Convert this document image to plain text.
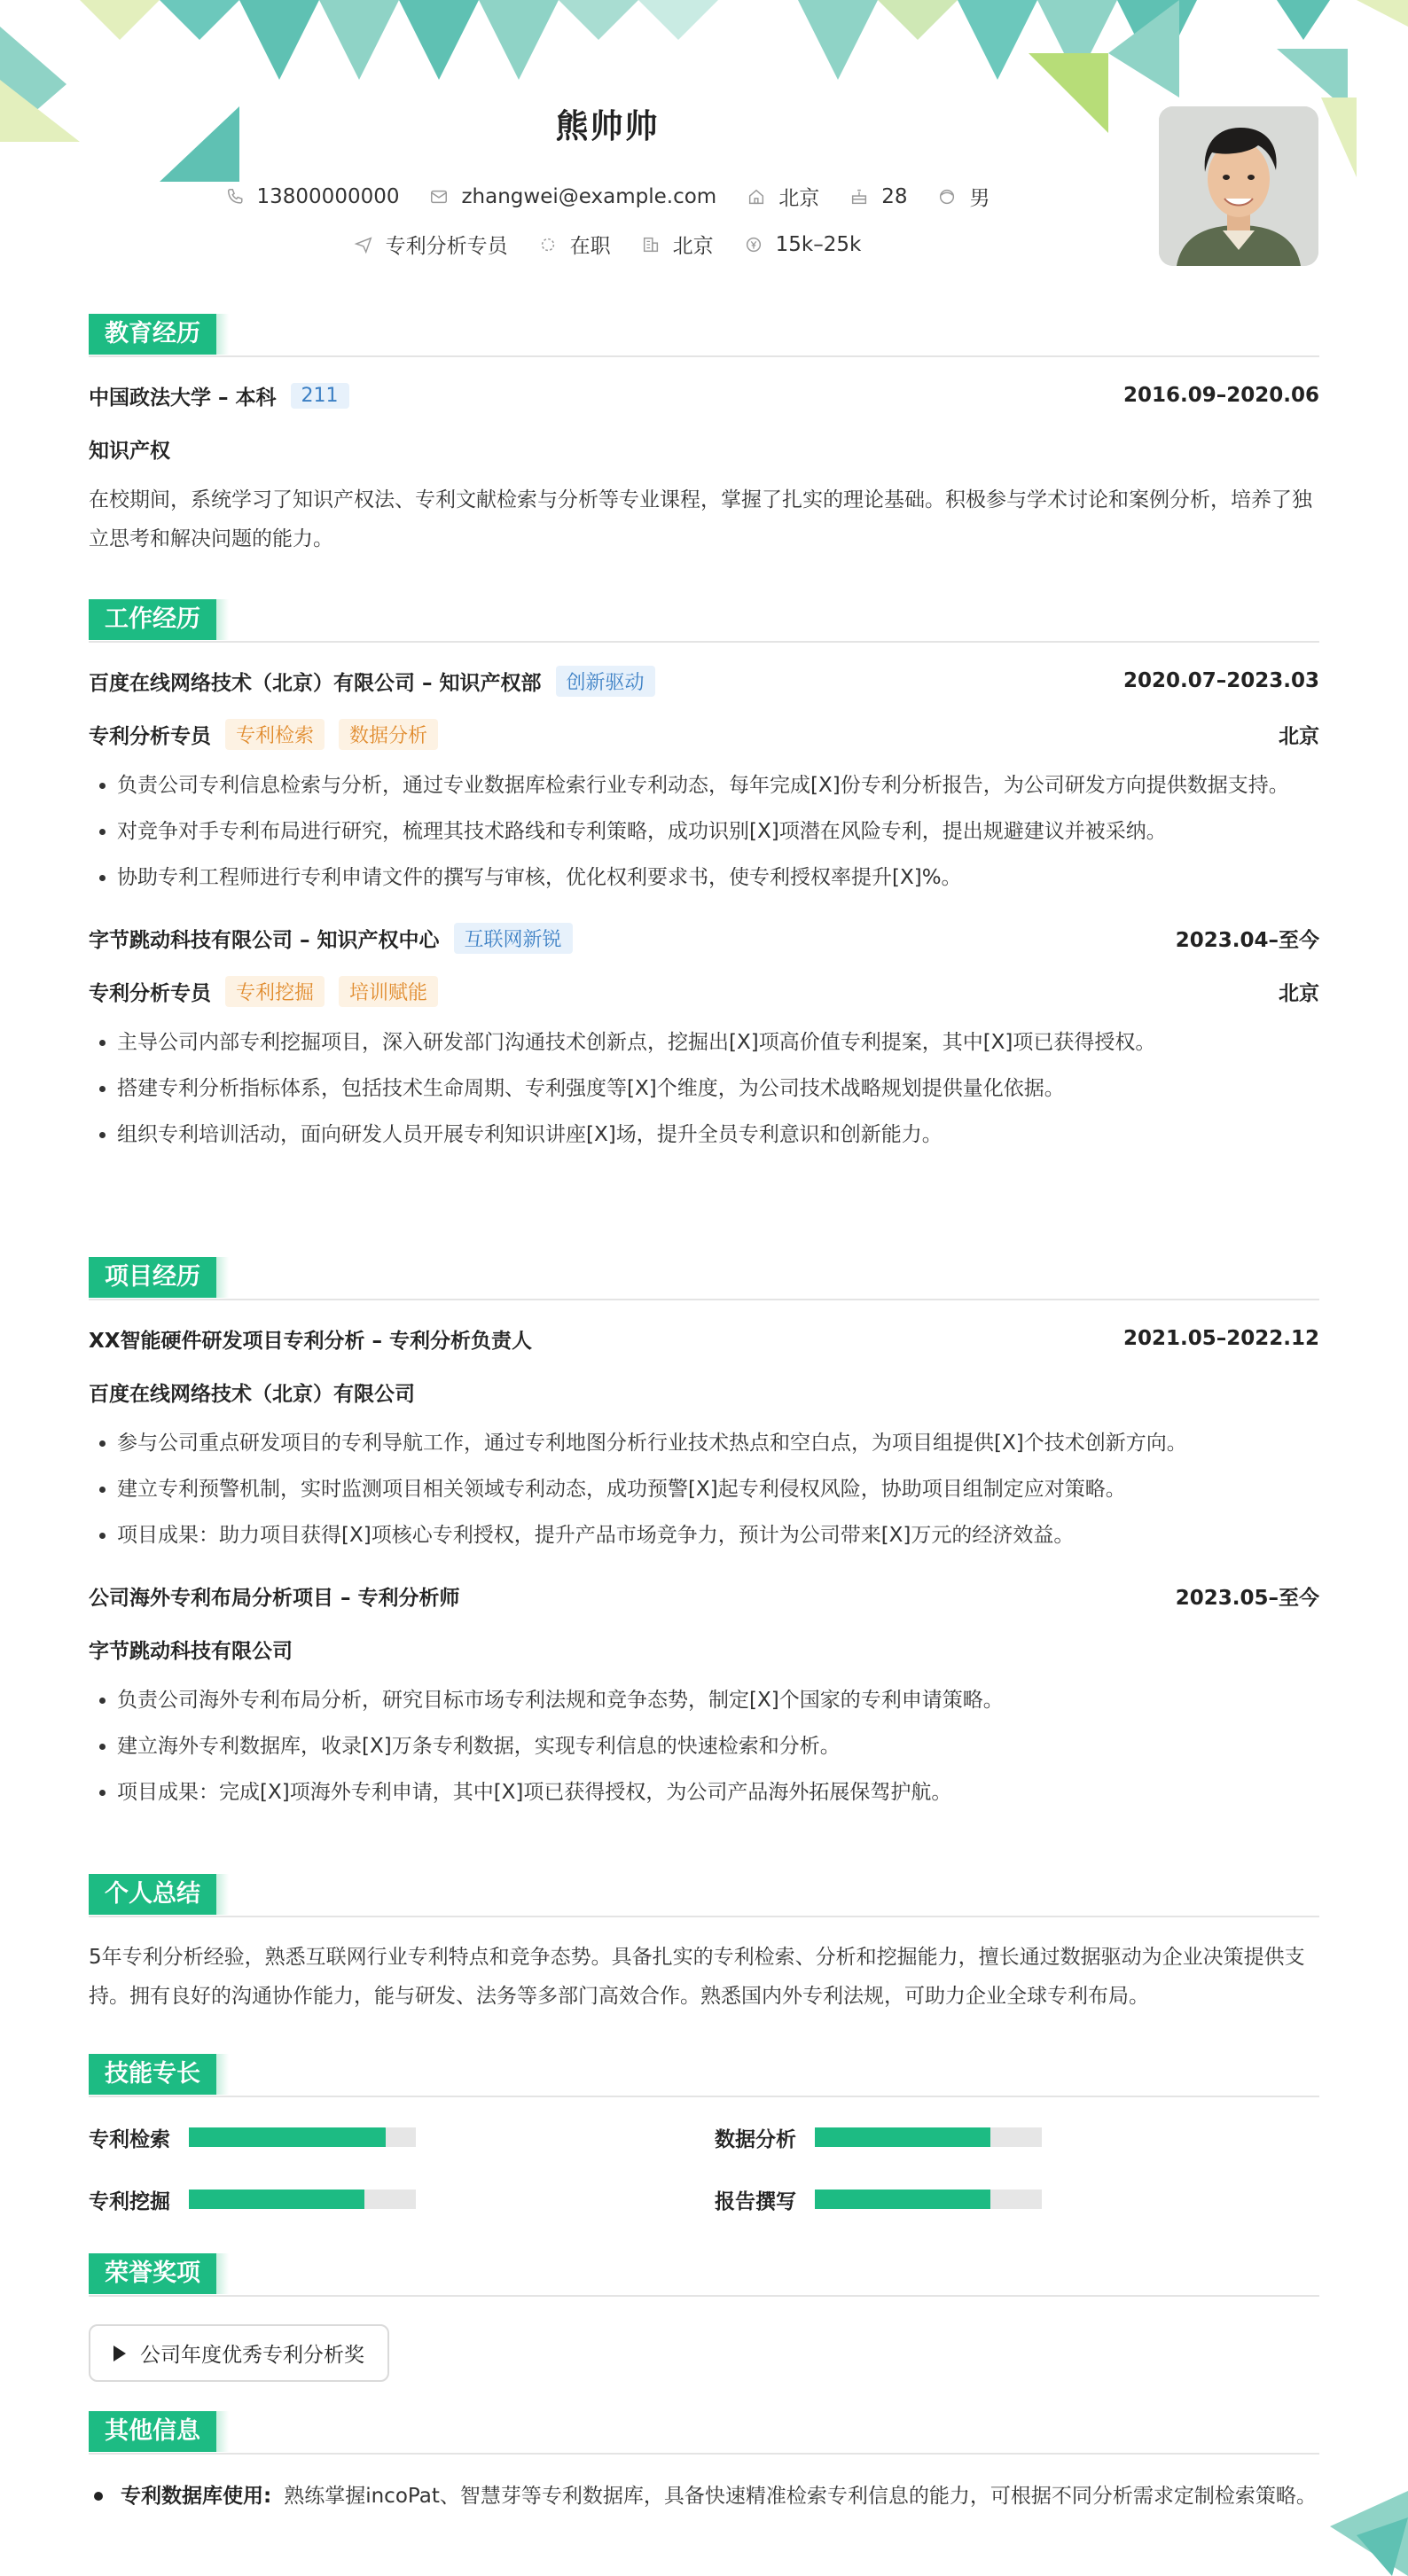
熊帅帅
13800000000	zhangwei@example.com	北京	28	男
专利分析专员	在职	北京	15k–25k
教育经历
中国政法大学 – 本科	211	2016.09–2020.06
知识产权

在校期间，系统学习了知识产权法、专利文献检索与分析等专业课程，掌握了扎实的理论基础。积极参与学术讨论和案例分析，培养了独立思考和解决问题的能力。

工作经历
百度在线网络技术（北京）有限公司 – 知识产权部	创新驱动	2020.07–2023.03
专利分析专员	专利检索	数据分析	北京
• 负责公司专利信息检索与分析，通过专业数据库检索行业专利动态，每年完成[X]份专利分析报告，为公司研发方向提供数据支持。
• 对竞争对手专利布局进行研究，梳理其技术路线和专利策略，成功识别[X]项潜在风险专利，提出规避建议并被采纳。
• 协助专利工程师进行专利申请文件的撰写与审核，优化权利要求书，使专利授权率提升[X]%。
字节跳动科技有限公司 – 知识产权中心	互联网新锐	2023.04–至今
专利分析专员	专利挖掘	培训赋能	北京
• 主导公司内部专利挖掘项目，深入研发部门沟通技术创新点，挖掘出[X]项高价值专利提案，其中[X]项已获得授权。
• 搭建专利分析指标体系，包括技术生命周期、专利强度等[X]个维度，为公司技术战略规划提供量化依据。
• 组织专利培训活动，面向研发人员开展专利知识讲座[X]场，提升全员专利意识和创新能力。
项目经历
XX智能硬件研发项目专利分析 – 专利分析负责人	2021.05–2022.12
百度在线网络技术（北京）有限公司
• 参与公司重点研发项目的专利导航工作，通过专利地图分析行业技术热点和空白点，为项目组提供[X]个技术创新方向。
• 建立专利预警机制，实时监测项目相关领域专利动态，成功预警[X]起专利侵权风险，协助项目组制定应对策略。
• 项目成果：助力项目获得[X]项核心专利授权，提升产品市场竞争力，预计为公司带来[X]万元的经济效益。
公司海外专利布局分析项目 – 专利分析师	2023.05–至今
字节跳动科技有限公司
• 负责公司海外专利布局分析，研究目标市场专利法规和竞争态势，制定[X]个国家的专利申请策略。
• 建立海外专利数据库，收录[X]万条专利数据，实现专利信息的快速检索和分析。
• 项目成果：完成[X]项海外专利申请，其中[X]项已获得授权，为公司产品海外拓展保驾护航。
个人总结

5年专利分析经验，熟悉互联网行业专利特点和竞争态势。具备扎实的专利检索、分析和挖掘能力，擅长通过数据驱动为企业决策提供支持。拥有良好的沟通协作能力，能与研发、法务等多部门高效合作。熟悉国内外专利法规，可助力企业全球专利布局。

技能专长
专利检索	数据分析
专利挖掘	报告撰写
荣誉奖项
公司年度优秀专利分析奖
其他信息
专利数据库使用: 熟练掌握incoPat、智慧芽等专利数据库，具备快速精准检索专利信息的能力，可根据不同分析需求定制检索策略。
